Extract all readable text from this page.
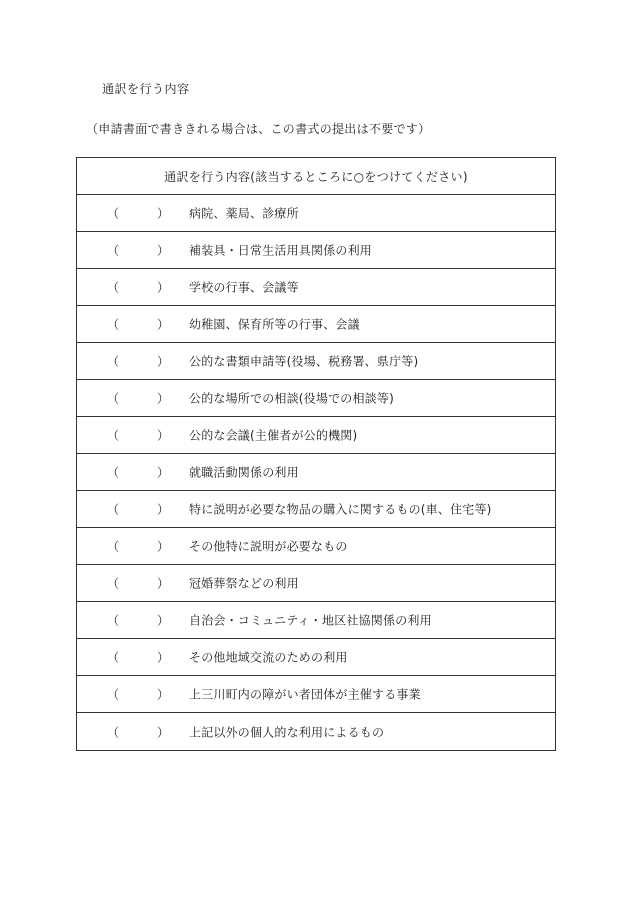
通訳を行う内容
（申請書面で書ききれる場合は、この書式の提出は不要です）
通訳を行う内容(該当するところに○をつけてください)
（	） 病院、薬局、診療所
（	） 補装具・日常生活用具関係の利用
（	） 学校の行事、会議等
（	） 幼稚園、保育所等の行事、会議
（	） 公的な書類申請等(役場、税務署、県庁等)
（	） 公的な場所での相談(役場での相談等)
（	） 公的な会議(主催者が公的機関)
（	） 就職活動関係の利用
（	） 特に説明が必要な物品の購入に関するもの(車、住宅等)
（	） その他特に説明が必要なもの
（	） 冠婚葬祭などの利用
（	） 自治会・コミュニティ・地区社協関係の利用
（	） その他地域交流のための利用
（	） 上三川町内の障がい者団体が主催する事業
（	） 上記以外の個人的な利用によるもの
